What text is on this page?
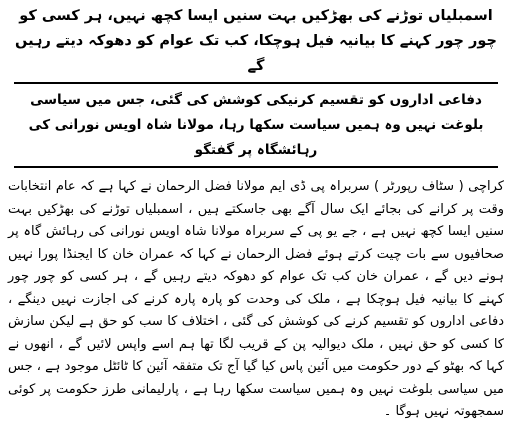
اسمبلیاں توڑنے کی بھڑکیں بہت سنیں ایسا کچھ نہیں، ہر کسی کو چور چور کہنے کا بیانیہ فیل ہوچکا، کب تک عوام کو دھوکہ دیتے رہیں گے

دفاعی اداروں کو تقسیم کرنیکی کوشش کی گئی، جس میں سیاسی بلوغت نہیں وہ ہمیں سیاست سکھا رہا، مولانا شاہ اویس نورانی کی رہائشگاہ پر گفتگو

کراچی ( سٹاف رپورٹر ) سربراہ پی ڈی ایم مولانا فضل الرحمان نے کہا ہے کہ عام انتخابات وقت پر کرانے کی بجائے ایک سال آگے بھی جاسکتے ہیں ، اسمبلیاں توڑنے کی بھڑکیں بہت سنیں ایسا کچھ نہیں ہے ، جے یو پی کے سربراہ مولانا شاہ اویس نورانی کی رہائش گاہ پر صحافیوں سے بات چیت کرتے ہوئے فضل الرحمان نے کہا کہ عمران خان کا ایجنڈا پورا نہیں ہونے دیں گے ، عمران خان کب تک عوام کو دھوکہ دیتے رہیں گے ، ہر کسی کو چور چور کہنے کا بیانیہ فیل ہوچکا ہے ، ملک کی وحدت کو پارہ پارہ کرنے کی اجازت نہیں دینگے ، دفاعی اداروں کو تقسیم کرنے کی کوشش کی گئی ، اختلاف کا سب کو حق ہے لیکن سازش کا کسی کو حق نہیں ، ملک دیوالیہ پن کے قریب لگا تھا ہم اسے واپس لائیں گے ، انھوں نے کہا کہ بھٹو کے دور حکومت میں آئین پاس کیا گیا آج تک متفقہ آئین کا ٹائٹل موجود ہے ، جس میں سیاسی بلوغت نہیں وہ ہمیں سیاست سکھا رہا ہے ، پارلیمانی طرز حکومت پر کوئی سمجھوتہ نہیں ہوگا ۔
